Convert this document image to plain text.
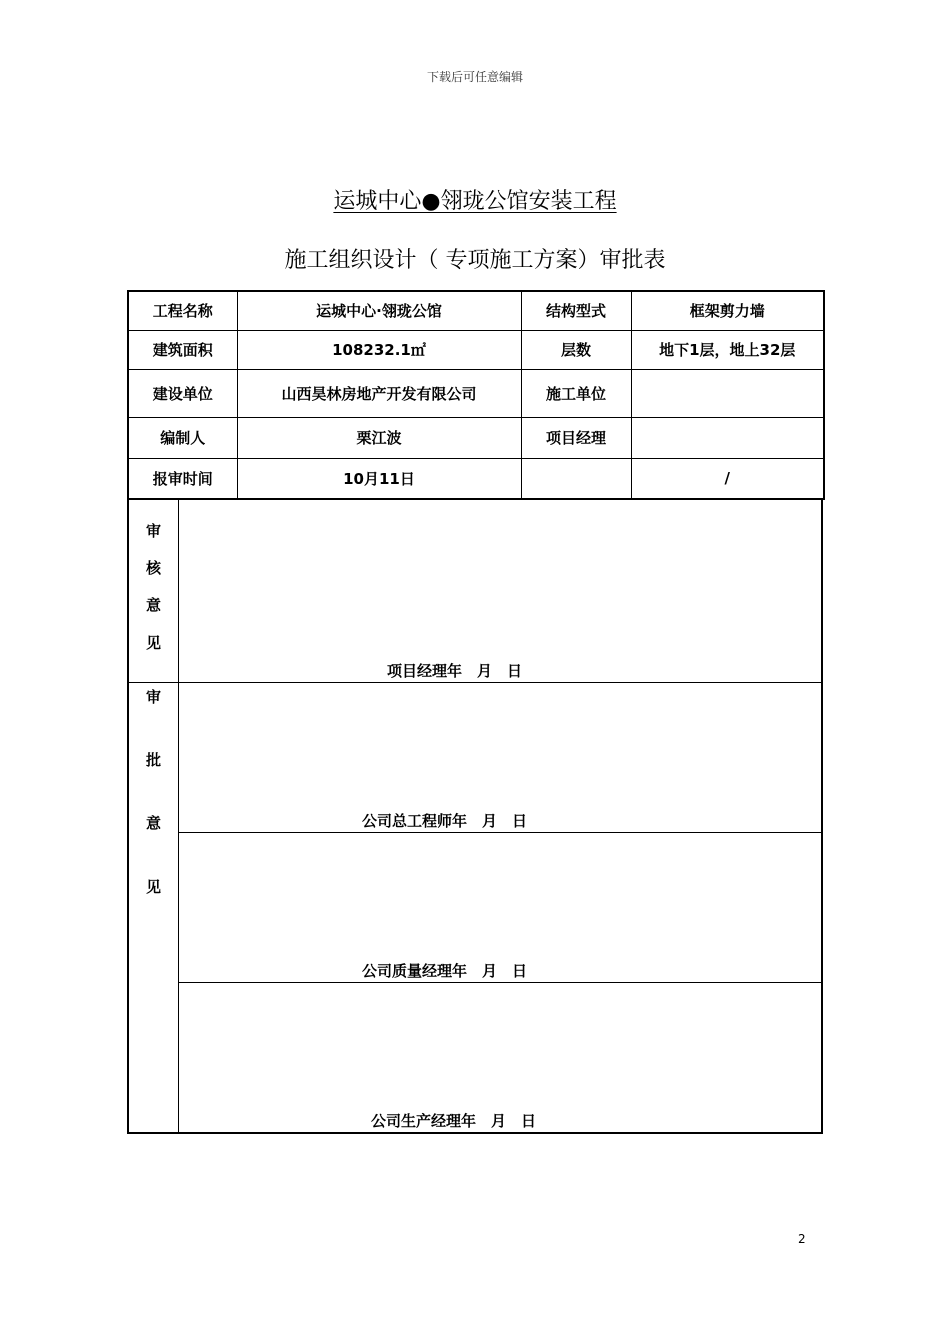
下载后可任意编辑
运城中心●翎珑公馆安装工程
施工组织设计（ 专项施工方案）审批表
工程名称	运城中心·翎珑公馆	结构型式	框架剪力墙
建筑面积	108232.1㎡	层数	地下1层，地上32层
建设单位	山西昊林房地产开发有限公司	施工单位	
编制人	栗江波	项目经理	
报审时间	10月11日		/
审
核
意
见
项目经理年　月　日
审
批
意
见
公司总工程师年　月　日
公司质量经理年　月　日
公司生产经理年　月　日
2
